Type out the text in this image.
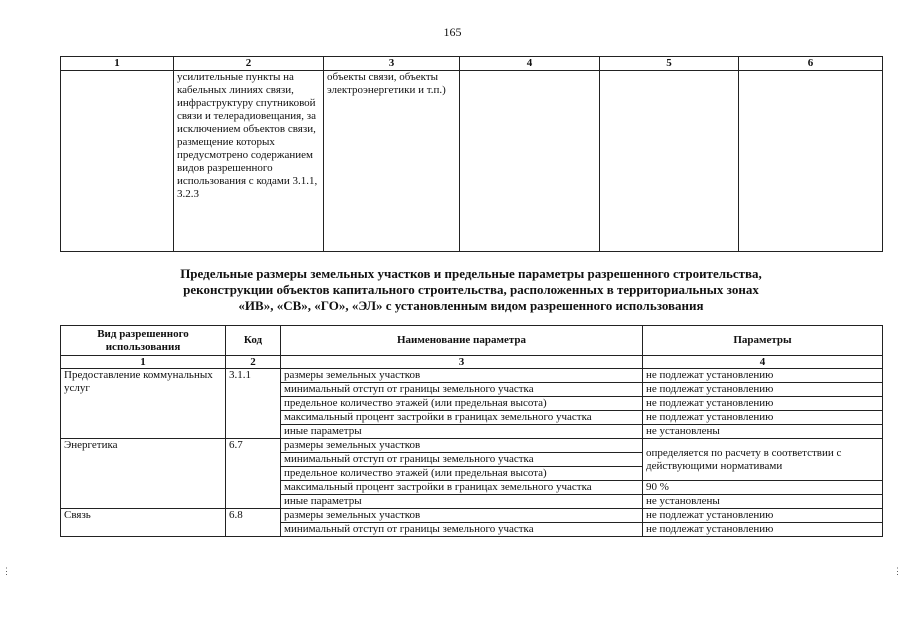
165
1	2	3	4	5	6
	усилительные пункты на кабельных линиях связи, инфраструктуру спутниковой связи и телерадиовещания, за исключением объектов связи, размещение которых предусмотрено содержанием видов разрешенного использования с кодами 3.1.1, 3.2.3	объекты связи, объекты электроэнергетики и т.п.)			
Предельные размеры земельных участков и предельные параметры разрешенного строительства,
реконструкции объектов капитального строительства, расположенных в территориальных зонах
«ИВ», «СВ», «ГО», «ЭЛ» с установленным видом разрешенного использования
Вид разрешенного использования	Код	Наименование параметра	Параметры
1	2	3	4
Предоставление коммунальных услуг	3.1.1	размеры земельных участков	не подлежат установлению
		минимальный отступ от границы земельного участка	не подлежат установлению
		предельное количество этажей (или предельная высота)	не подлежат установлению
		максимальный процент застройки в границах земельного участка	не подлежат установлению
		иные параметры	не установлены
Энергетика	6.7	размеры земельных участков	определяется по расчету в соответствии с действующими нормативами
		минимальный отступ от границы земельного участка	
		предельное количество этажей (или предельная высота)	
		максимальный процент застройки в границах земельного участка	90 %
		иные параметры	не установлены
Связь	6.8	размеры земельных участков	не подлежат установлению
		минимальный отступ от границы земельного участка	не подлежат установлению
⋮	⋮
